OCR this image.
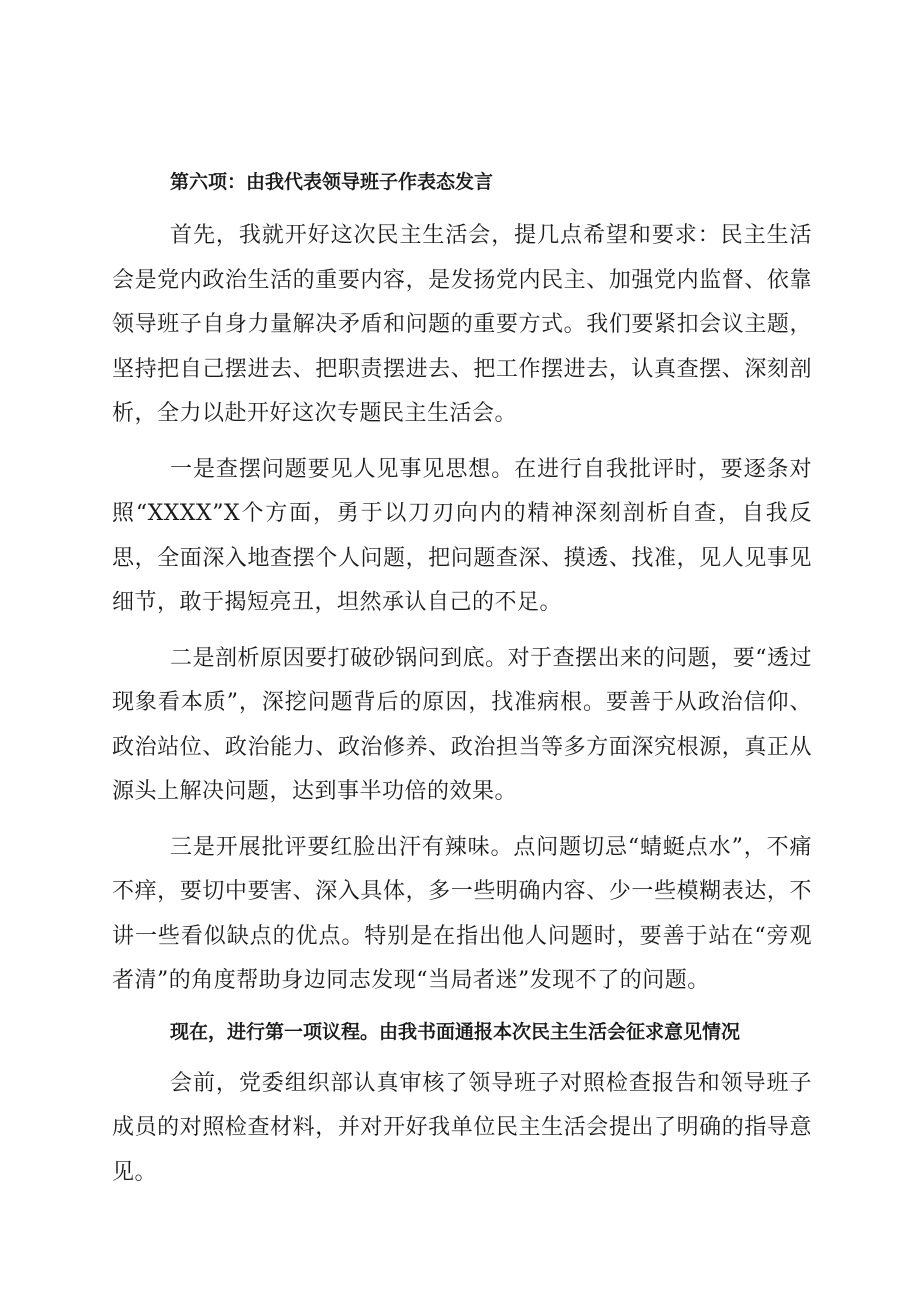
第六项：由我代表领导班子作表态发言

首先，我就开好这次民主生活会，提几点希望和要求：民主生活会是党内政治生活的重要内容，是发扬党内民主、加强党内监督、依靠领导班子自身力量解决矛盾和问题的重要方式。我们要紧扣会议主题，坚持把自己摆进去、把职责摆进去、把工作摆进去，认真查摆、深刻剖析，全力以赴开好这次专题民主生活会。

一是查摆问题要见人见事见思想。在进行自我批评时，要逐条对照“XXXX”X个方面，勇于以刀刃向内的精神深刻剖析自查，自我反思，全面深入地查摆个人问题，把问题查深、摸透、找准，见人见事见细节，敢于揭短亮丑，坦然承认自己的不足。

二是剖析原因要打破砂锅问到底。对于查摆出来的问题，要“透过现象看本质”，深挖问题背后的原因，找准病根。要善于从政治信仰、政治站位、政治能力、政治修养、政治担当等多方面深究根源，真正从源头上解决问题，达到事半功倍的效果。

三是开展批评要红脸出汗有辣味。点问题切忌“蜻蜓点水”，不痛不痒，要切中要害、深入具体，多一些明确内容、少一些模糊表达，不讲一些看似缺点的优点。特别是在指出他人问题时，要善于站在“旁观者清”的角度帮助身边同志发现“当局者迷”发现不了的问题。

现在，进行第一项议程。由我书面通报本次民主生活会征求意见情况

会前，党委组织部认真审核了领导班子对照检查报告和领导班子成员的对照检查材料，并对开好我单位民主生活会提出了明确的指导意见。
